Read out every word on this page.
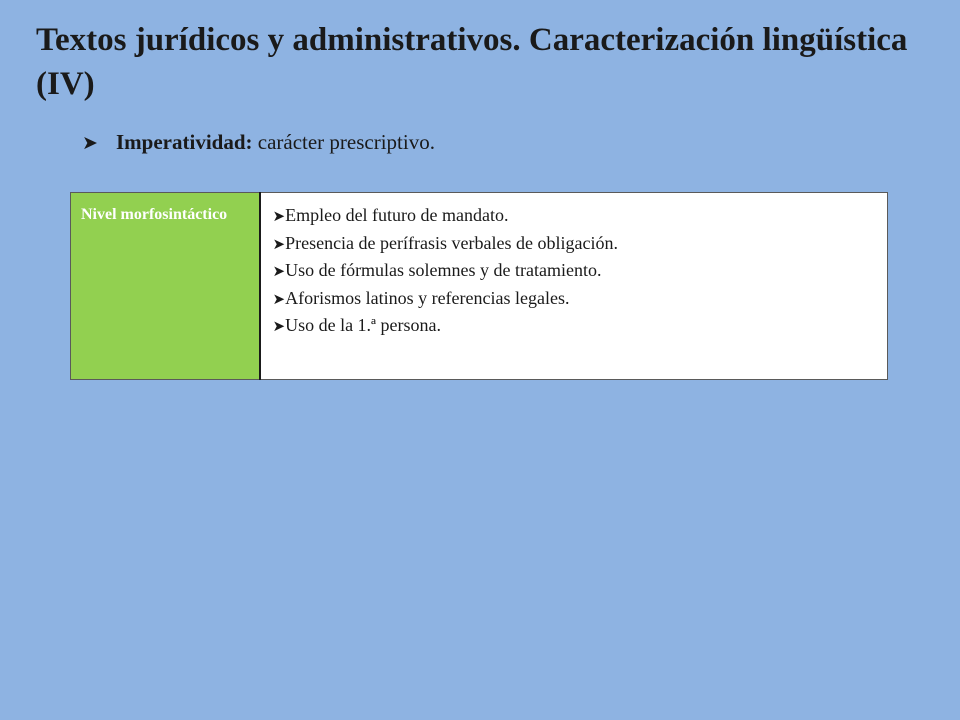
Textos jurídicos y administrativos. Caracterización lingüística (IV)
➤ Imperatividad: carácter prescriptivo.
Nivel morfosintáctico	➤Empleo del futuro de mandato.
➤Presencia de perífrasis verbales de obligación.
➤Uso de fórmulas solemnes y de tratamiento.
➤Aforismos latinos y referencias legales.
➤Uso de la 1.ª persona.
